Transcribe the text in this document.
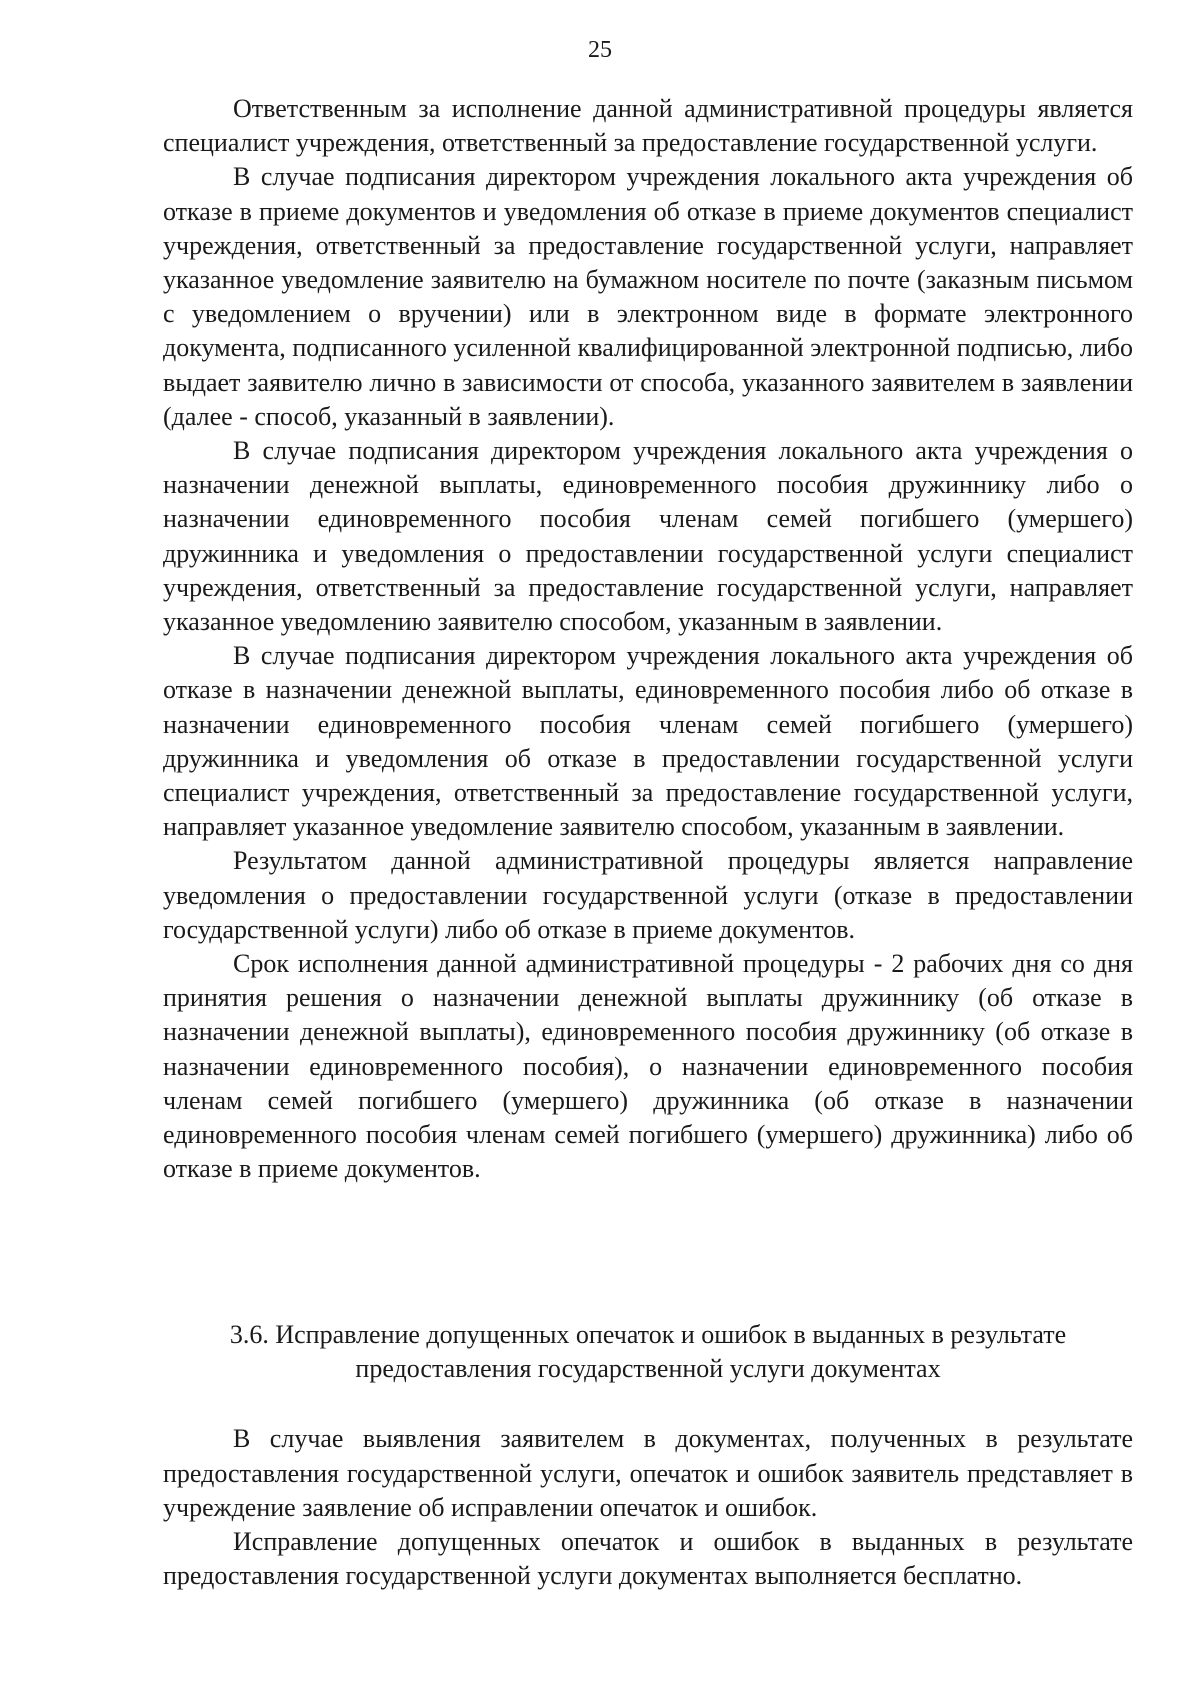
25

Ответственным за исполнение данной административной процедуры является специалист учреждения, ответственный за предоставление государственной услуги.

В случае подписания директором учреждения локального акта учреждения об отказе в приеме документов и уведомления об отказе в приеме документов специалист учреждения, ответственный за предоставление государственной услуги, направляет указанное уведомление заявителю на бумажном носителе по почте (заказным письмом с уведомлением о вручении) или в электронном виде в формате электронного документа, подписанного усиленной квалифицированной электронной подписью, либо выдает заявителю лично в зависимости от способа, указанного заявителем в заявлении (далее - способ, указанный в заявлении).

В случае подписания директором учреждения локального акта учреждения о назначении денежной выплаты, единовременного пособия дружиннику либо о назначении единовременного пособия членам семей погибшего (умершего) дружинника и уведомления о предоставлении государственной услуги специалист учреждения, ответственный за предоставление государственной услуги, направляет указанное уведомлению заявителю способом, указанным в заявлении.

В случае подписания директором учреждения локального акта учреждения об отказе в назначении денежной выплаты, единовременного пособия либо об отказе в назначении единовременного пособия членам семей погибшего (умершего) дружинника и уведомления об отказе в предоставлении государственной услуги специалист учреждения, ответственный за предоставление государственной услуги, направляет указанное уведомление заявителю способом, указанным в заявлении.

Результатом данной административной процедуры является направление уведомления о предоставлении государственной услуги (отказе в предоставлении государственной услуги) либо об отказе в приеме документов.

Срок исполнения данной административной процедуры - 2 рабочих дня со дня принятия решения о назначении денежной выплаты дружиннику (об отказе в назначении денежной выплаты), единовременного пособия дружиннику (об отказе в назначении единовременного пособия), о назначении единовременного пособия членам семей погибшего (умершего) дружинника (об отказе в назначении единовременного пособия членам семей погибшего (умершего) дружинника) либо об отказе в приеме документов.

3.6. Исправление допущенных опечаток и ошибок в выданных в результате
предоставления государственной услуги документах

В случае выявления заявителем в документах, полученных в результате предоставления государственной услуги, опечаток и ошибок заявитель представляет в учреждение заявление об исправлении опечаток и ошибок.

Исправление допущенных опечаток и ошибок в выданных в результате предоставления государственной услуги документах выполняется бесплатно.
